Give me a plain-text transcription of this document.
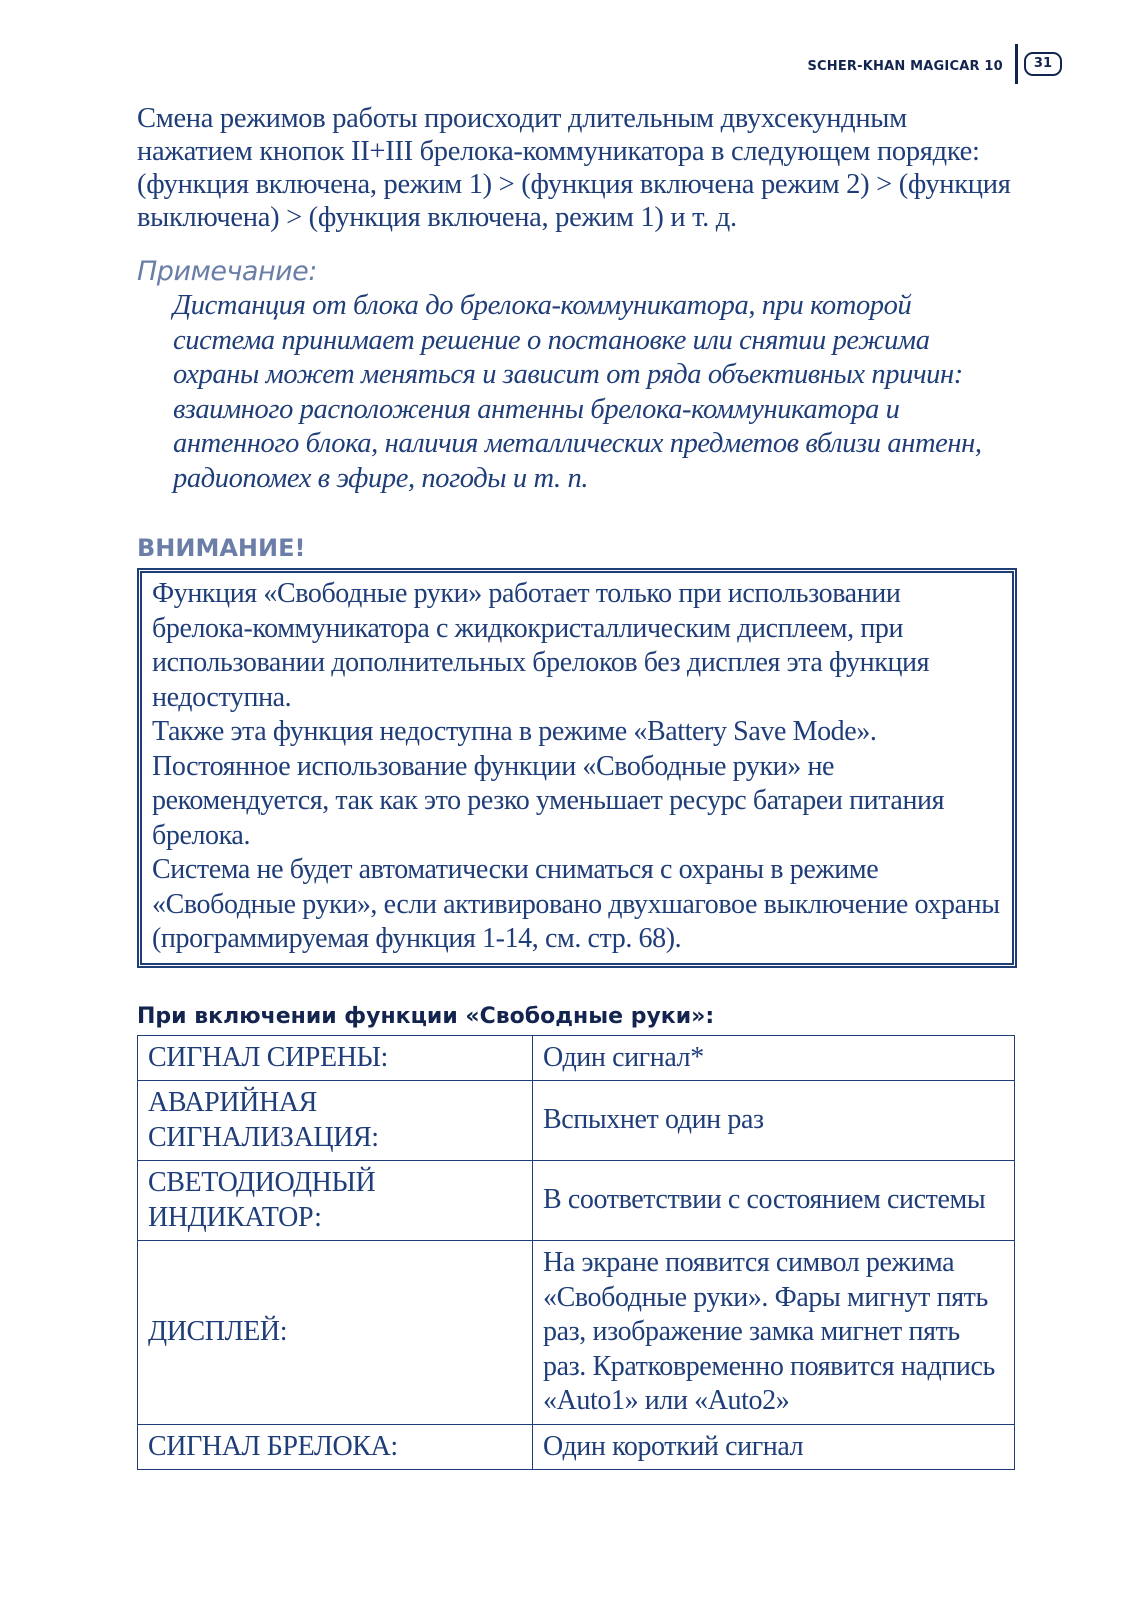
SCHER-KHAN MAGICAR 10	31

Смена режимов работы происходит длительным двухсекундным нажатием кнопок II+III брелока-коммуникатора в следующем порядке: (функция включена, режим 1) > (функция включена режим 2) > (функция выключена) > (функция включена, режим 1) и т. д.

Примечание:

Дистанция от блока до брелока-коммуникатора, при которой система принимает решение о постановке или снятии режима охраны может меняться и зависит от ряда объективных причин: взаимного расположения антенны брелока-коммуникатора и антенного блока, наличия металлических предметов вблизи антенн, радиопомех в эфире, погоды и т. п.

ВНИМАНИЕ!

Функция «Свободные руки» работает только при использовании брелока-коммуникатора с жидкокристаллическим дисплеем, при использовании дополнительных брелоков без дисплея эта функция недоступна.

Также эта функция недоступна в режиме «Battery Save Mode».

Постоянное использование функции «Свободные руки» не рекомендуется, так как это резко уменьшает ресурс батареи питания брелока.

Система не будет автоматически сниматься с охраны в режиме «Свободные руки», если активировано двухшаговое выключение охраны (программируемая функция 1-14, см. стр. 68).

При включении функции «Свободные руки»:
СИГНАЛ СИРЕНЫ:	Один сигнал*
АВАРИЙНАЯ СИГНАЛИЗАЦИЯ:	Вспыхнет один раз
СВЕТОДИОДНЫЙ ИНДИКАТОР:	В соответствии с состоянием системы
ДИСПЛЕЙ:	На экране появится символ режима «Свободные руки». Фары мигнут пять раз, изображение замка мигнет пять раз. Кратковременно появится надпись «Auto1» или «Auto2»
СИГНАЛ БРЕЛОКА:	Один короткий сигнал
